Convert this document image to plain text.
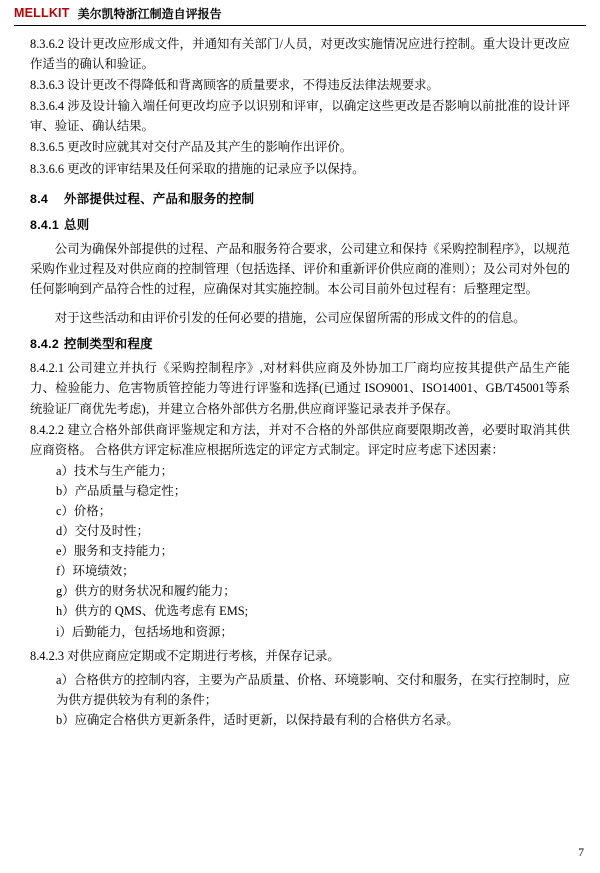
MELLKIT 美尔凯特浙江制造自评报告

8.3.6.2 设计更改应形成文件，并通知有关部门/人员，对更改实施情况应进行控制。重大设计更改应作适当的确认和验证。

8.3.6.3 设计更改不得降低和背离顾客的质量要求，不得违反法律法规要求。

8.3.6.4 涉及设计输入端任何更改均应予以识别和评审，以确定这些更改是否影响以前批准的设计评审、验证、确认结果。

8.3.6.5 更改时应就其对交付产品及其产生的影响作出评价。

8.3.6.6 更改的评审结果及任何采取的措施的记录应予以保持。

8.4 外部提供过程、产品和服务的控制
8.4.1 总则

公司为确保外部提供的过程、产品和服务符合要求，公司建立和保持《采购控制程序》，以规范采购作业过程及对供应商的控制管理（包括选择、评价和重新评价供应商的准则）；及公司对外包的任何影响到产品符合性的过程，应确保对其实施控制。本公司目前外包过程有：后整理定型。

对于这些活动和由评价引发的任何必要的措施，公司应保留所需的形成文件的的信息。

8.4.2 控制类型和程度

8.4.2.1 公司建立并执行《采购控制程序》,对材料供应商及外协加工厂商均应按其提供产品生产能力、检验能力、危害物质管控能力等进行评鉴和选择(已通过 ISO9001、ISO14001、GB/T45001等系统验证厂商优先考虑)，并建立合格外部供方名册,供应商评鉴记录表并予保存。

8.4.2.2 建立合格外部供商评鉴规定和方法，并对不合格的外部供应商要限期改善，必要时取消其供应商资格。 合格供方评定标准应根据所选定的评定方式制定。评定时应考虑下述因素：

a）技术与生产能力；

b）产品质量与稳定性；

c）价格；

d）交付及时性；

e）服务和支持能力；

f）环境绩效；

g）供方的财务状况和履约能力；

h）供方的 QMS、优选考虑有 EMS;

i）后勤能力，包括场地和资源；

8.4.2.3 对供应商应定期或不定期进行考核，并保存记录。

a）合格供方的控制内容，主要为产品质量、价格、环境影响、交付和服务，在实行控制时，应为供方提供较为有利的条件；

b）应确定合格供方更新条件，适时更新，以保持最有利的合格供方名录。

7
